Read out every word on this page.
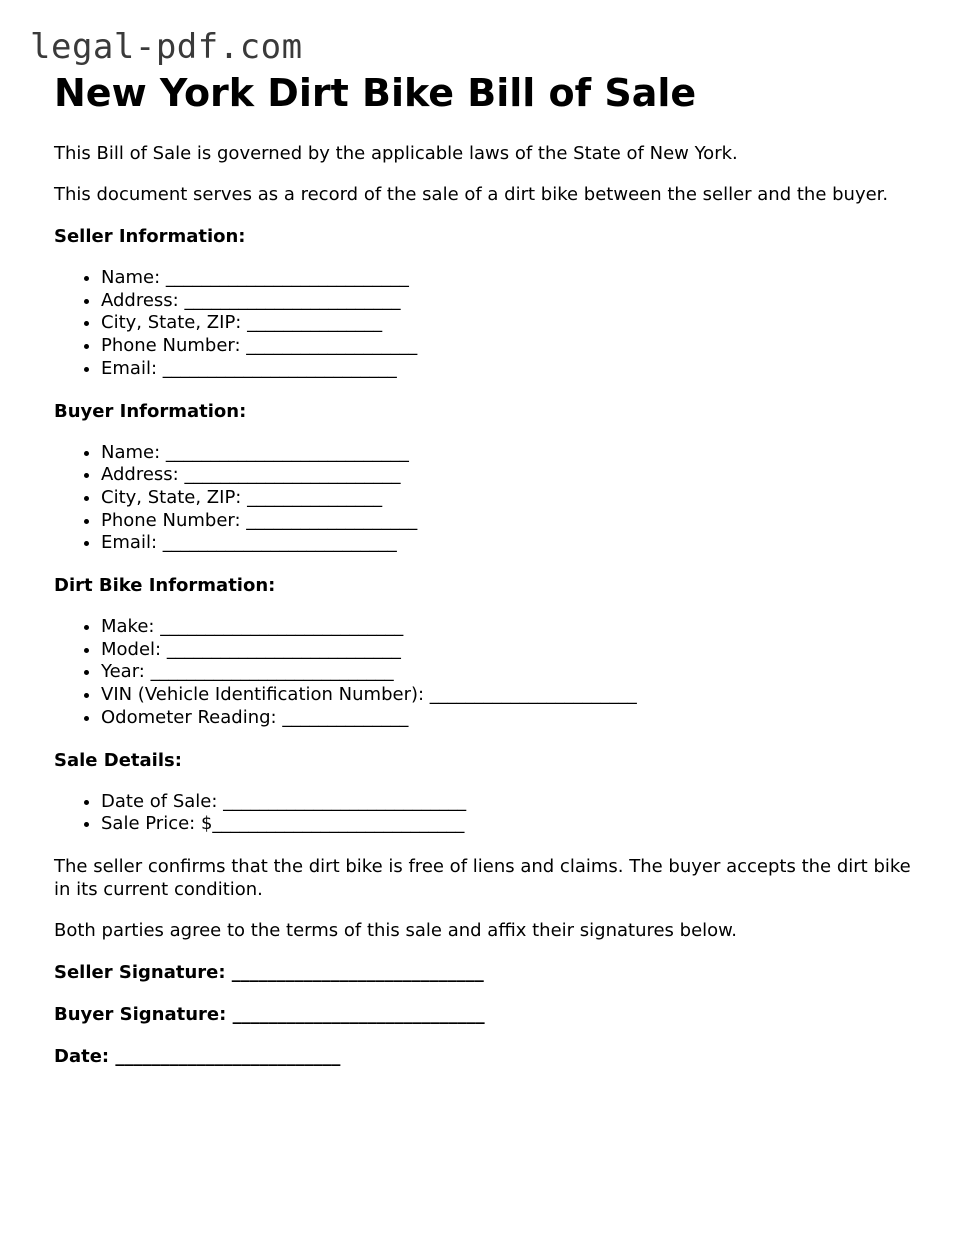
legal-pdf.com
New York Dirt Bike Bill of Sale

This Bill of Sale is governed by the applicable laws of the State of New York.

This document serves as a record of the sale of a dirt bike between the seller and the buyer.

Seller Information:

• Name: ___________________________
• Address: ________________________
• City, State, ZIP: _______________
• Phone Number: ___________________
• Email: __________________________

Buyer Information:

• Name: ___________________________
• Address: ________________________
• City, State, ZIP: _______________
• Phone Number: ___________________
• Email: __________________________

Dirt Bike Information:

• Make: ___________________________
• Model: __________________________
• Year: ___________________________
• VIN (Vehicle Identification Number): _______________________
• Odometer Reading: ______________

Sale Details:

• Date of Sale: ___________________________
• Sale Price: $____________________________

The seller confirms that the dirt bike is free of liens and claims. The buyer accepts the dirt bike in its current condition.

Both parties agree to the terms of this sale and affix their signatures below.

Seller Signature: ____________________________

Buyer Signature: ____________________________

Date: _________________________
